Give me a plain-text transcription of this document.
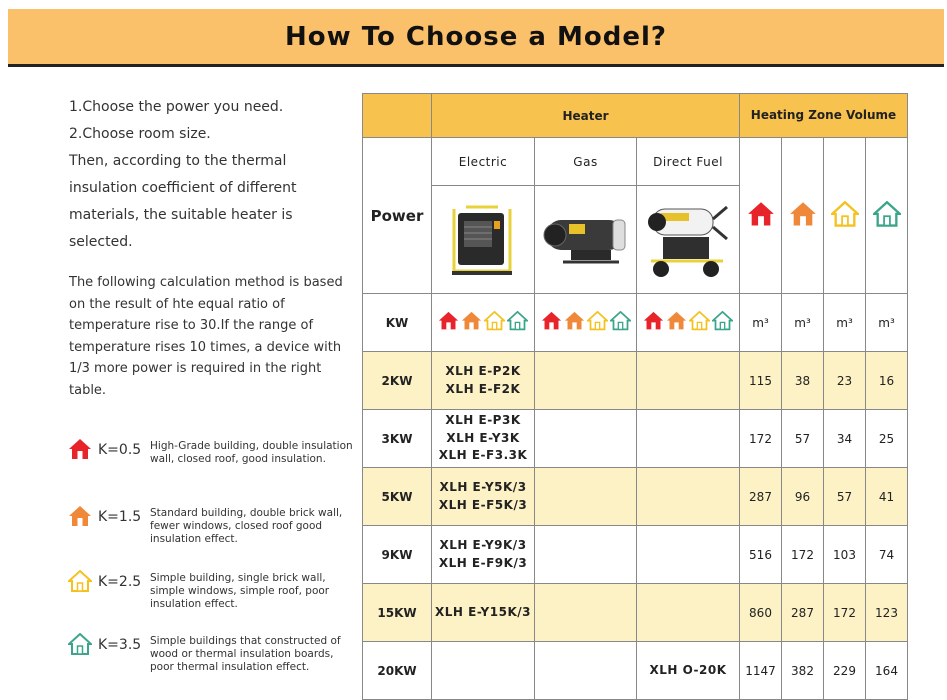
How To Choose a Model?

1.Choose the power you need.

2.Choose room size.

Then, according to the thermal

insulation coefficient of different

materials, the suitable heater is

selected.

The following calculation method is based on the result of hte equal ratio of temperature rise to 30.If the range of temperature rises 10 times, a device with 1/3 more power is required in the right table.
K=0.5 High-Grade building, double insulation wall, closed roof, good insulation.
K=1.5 Standard building, double brick wall, fewer windows, closed roof good insulation effect.
K=2.5 Simple building, single brick wall, simple windows, simple roof, poor insulation effect.
K=3.5 Simple buildings that constructed of wood or thermal insulation boards, poor thermal insulation effect.
	Heater			Heating Zone Volume			
Power	Electric	Gas	Direct Fuel				

KW				m³	m³	m³	m³
2KW	XLH E-P2K
XLH E-F2K			115	38	23	16
3KW	XLH E-P3K
XLH E-Y3K
XLH E-F3.3K			172	57	34	25
5KW	XLH E-Y5K/3
XLH E-F5K/3			287	96	57	41
9KW	XLH E-Y9K/3
XLH E-F9K/3			516	172	103	74
15KW	XLH E-Y15K/3			860	287	172	123
20KW			XLH O-20K	1147	382	229	164
